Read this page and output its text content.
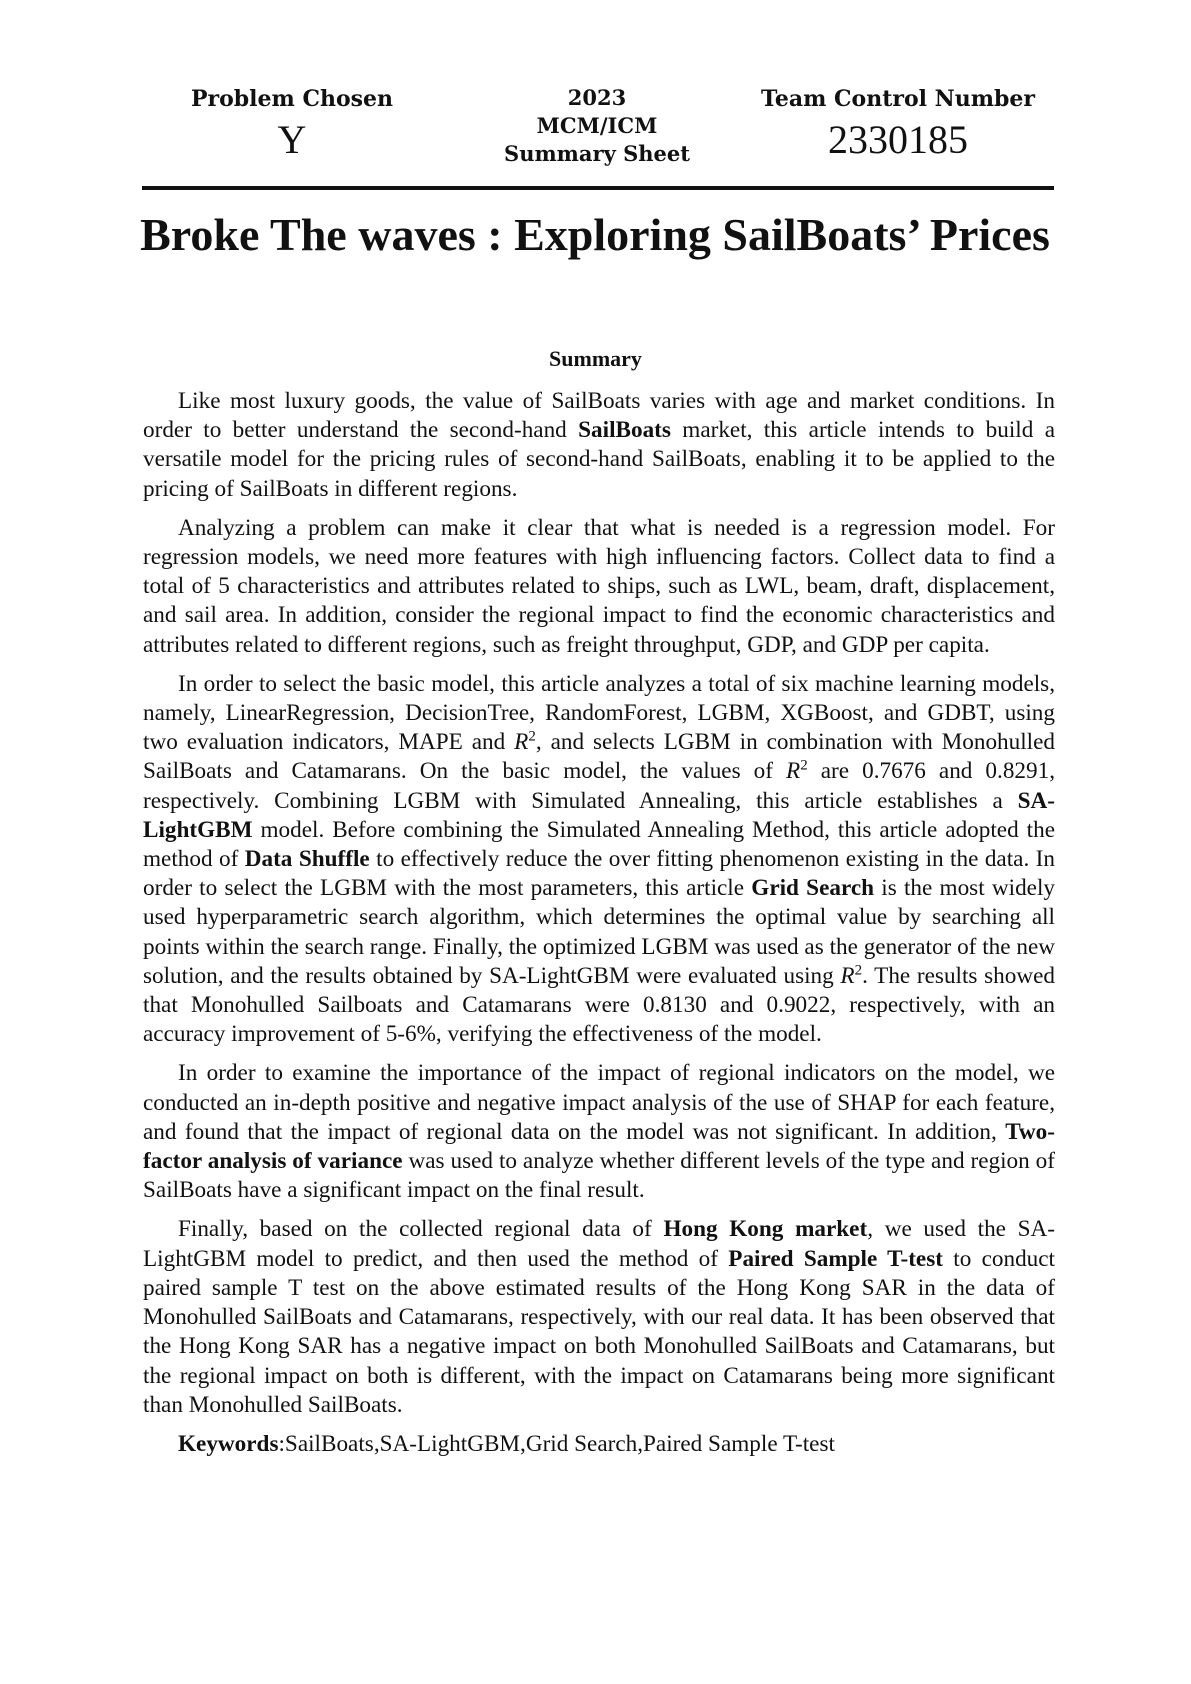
Problem Chosen
Y
2023
MCM/ICM
Summary Sheet
Team Control Number
2330185
Broke The waves : Exploring SailBoats’ Prices
Summary

Like most luxury goods, the value of SailBoats varies with age and market conditions. In order to better understand the second-hand SailBoats market, this article intends to build a versatile model for the pricing rules of second-hand SailBoats, enabling it to be applied to the pricing of SailBoats in different regions.

Analyzing a problem can make it clear that what is needed is a regression model. For regression models, we need more features with high influencing factors. Collect data to find a total of 5 characteristics and attributes related to ships, such as LWL, beam, draft, displacement, and sail area. In addition, consider the regional impact to find the economic characteristics and attributes related to different regions, such as freight throughput, GDP, and GDP per capita.

In order to select the basic model, this article analyzes a total of six machine learning models, namely, LinearRegression, DecisionTree, RandomForest, LGBM, XGBoost, and GDBT, using two evaluation indicators, MAPE and $R^2$, and selects LGBM in combination with Monohulled SailBoats and Catamarans. On the basic model, the values of $R^2$ are 0.7676 and 0.8291, respectively. Combining LGBM with Simulated Annealing, this article establishes a SA-LightGBM model. Before combining the Simulated Annealing Method, this article adopted the method of Data Shuffle to effectively reduce the over fitting phenomenon existing in the data. In order to select the LGBM with the most parameters, this article Grid Search is the most widely used hyperparametric search algorithm, which determines the optimal value by searching all points within the search range. Finally, the optimized LGBM was used as the generator of the new solution, and the results obtained by SA-LightGBM were evaluated using $R^2$. The results showed that Monohulled Sailboats and Catamarans were 0.8130 and 0.9022, respectively, with an accuracy improvement of 5-6%, verifying the effectiveness of the model.

In order to examine the importance of the impact of regional indicators on the model, we conducted an in-depth positive and negative impact analysis of the use of SHAP for each feature, and found that the impact of regional data on the model was not significant. In addition, Two-factor analysis of variance was used to analyze whether different levels of the type and region of SailBoats have a significant impact on the final result.

Finally, based on the collected regional data of Hong Kong market, we used the SA-LightGBM model to predict, and then used the method of Paired Sample T-test to conduct paired sample T test on the above estimated results of the Hong Kong SAR in the data of Monohulled SailBoats and Catamarans, respectively, with our real data. It has been observed that the Hong Kong SAR has a negative impact on both Monohulled SailBoats and Catamarans, but the regional impact on both is different, with the impact on Catamarans being more significant than Monohulled SailBoats.

Keywords:SailBoats,SA-LightGBM,Grid Search,Paired Sample T-test
